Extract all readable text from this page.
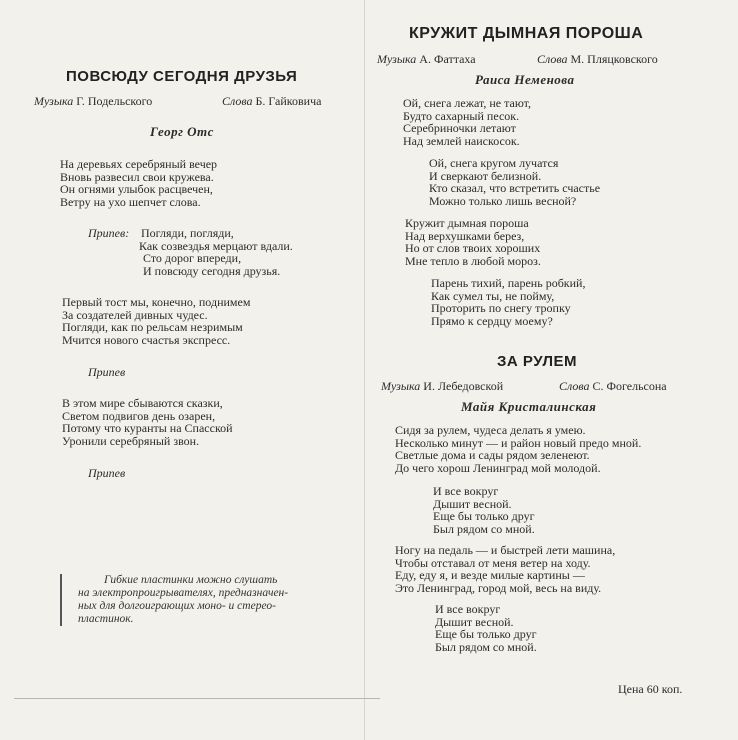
ПОВСЮДУ СЕГОДНЯ ДРУЗЬЯ
Музыка Г. Подельского	Слова Б. Гайковича
Георг Отс
На деревьях серебряный вечер
Вновь развесил свои кружева.
Он огнями улыбок расцвечен,
Ветру на ухо шепчет слова.
Припев: Погляди, погляди,
Как созвездья мерцают вдали.
Сто дорог впереди,
И повсюду сегодня друзья.
Первый тост мы, конечно, поднимем
За создателей дивных чудес.
Погляди, как по рельсам незримым
Мчится нового счастья экспресс.
Припев
В этом мире сбываются сказки,
Светом подвигов день озарен,
Потому что куранты на Спасской
Уронили серебряный звон.
Припев
Гибкие пластинки можно слушать
на электропроигрывателях, предназначен-
ных для долгоиграющих моно- и стерео-
пластинок.
КРУЖИТ ДЫМНАЯ ПОРОША
Музыка А. Фаттаха	Слова М. Пляцковского
Раиса Неменова
Ой, снега лежат, не тают,
Будто сахарный песок.
Серебриночки летают
Над землей наискосок.
Ой, снега кругом лучатся
И сверкают белизной.
Кто сказал, что встретить счастье
Можно только лишь весной?
Кружит дымная пороша
Над верхушками берез,
Но от слов твоих хороших
Мне тепло в любой мороз.
Парень тихий, парень робкий,
Как сумел ты, не пойму,
Проторить по снегу тропку
Прямо к сердцу моему?
ЗА РУЛЕМ
Музыка И. Лебедовской	Слова С. Фогельсона
Майя Кристалинская
Сидя за рулем, чудеса делать я умею.
Несколько минут — и район новый предо мной.
Светлые дома и сады рядом зеленеют.
До чего хорош Ленинград мой молодой.
И все вокруг
Дышит весной.
Еще бы только друг
Был рядом со мной.
Ногу на педаль — и быстрей лети машина,
Чтобы отставал от меня ветер на ходу.
Еду, еду я, и везде милые картины —
Это Ленинград, город мой, весь на виду.
И все вокруг
Дышит весной.
Еще бы только друг
Был рядом со мной.
Цена 60 коп.
